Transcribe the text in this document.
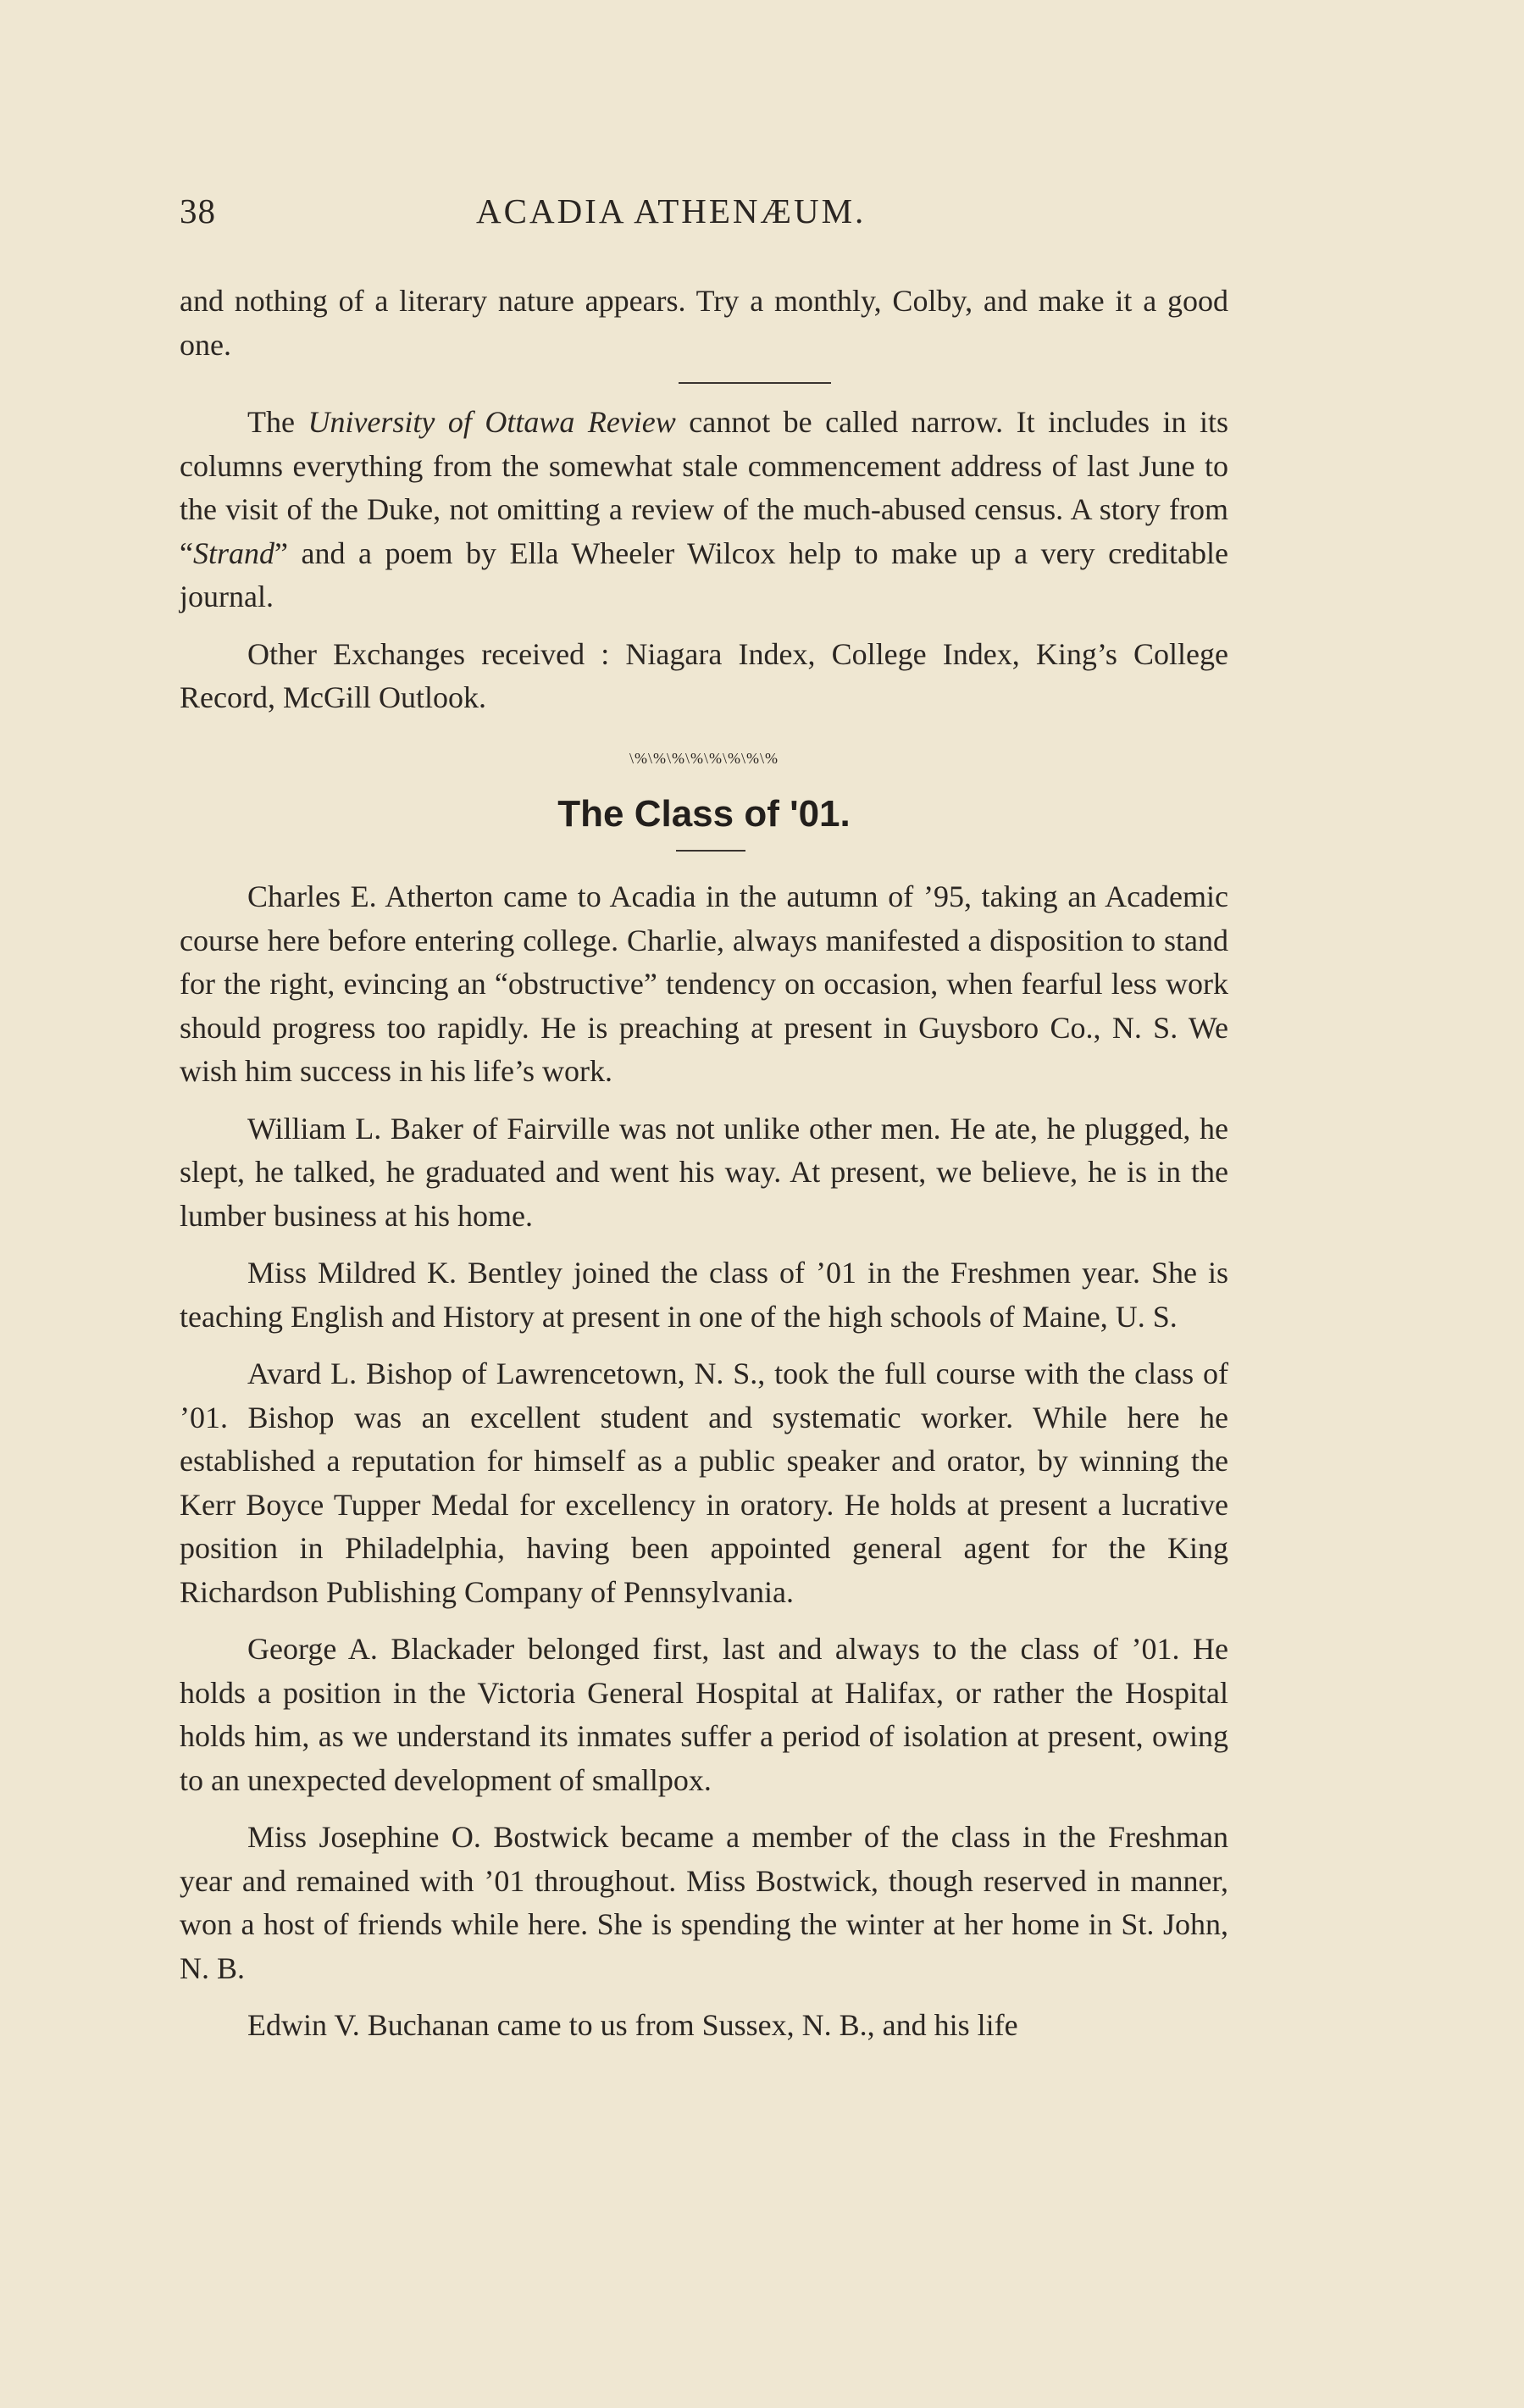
38	ACADIA ATHENÆUM.

and nothing of a literary nature appears. Try a monthly, Colby, and make it a good one.

The University of Ottawa Review cannot be called narrow. It includes in its columns everything from the somewhat stale commencement address of last June to the visit of the Duke, not omitting a review of the much-abused census. A story from “Strand” and a poem by Ella Wheeler Wilcox help to make up a very creditable journal.

Other Exchanges received : Niagara Index, College Index, King’s College Record, McGill Outlook.

\%\%\%\%\%\%\%\%
The Class of '01.

Charles E. Atherton came to Acadia in the autumn of ’95, taking an Academic course here before entering college. Charlie, always manifested a disposition to stand for the right, evincing an “obstructive” tendency on occasion, when fearful less work should progress too rapidly. He is preaching at present in Guysboro Co., N. S. We wish him success in his life’s work.

William L. Baker of Fairville was not unlike other men. He ate, he plugged, he slept, he talked, he graduated and went his way. At present, we believe, he is in the lumber business at his home.

Miss Mildred K. Bentley joined the class of ’01 in the Freshmen year. She is teaching English and History at present in one of the high schools of Maine, U. S.

Avard L. Bishop of Lawrencetown, N. S., took the full course with the class of ’01. Bishop was an excellent student and systematic worker. While here he established a reputation for himself as a public speaker and orator, by winning the Kerr Boyce Tupper Medal for excellency in oratory. He holds at present a lucrative position in Philadelphia, having been appointed general agent for the King Richardson Publishing Company of Pennsylvania.

George A. Blackader belonged first, last and always to the class of ’01. He holds a position in the Victoria General Hospital at Halifax, or rather the Hospital holds him, as we understand its inmates suffer a period of isolation at present, owing to an unexpected development of smallpox.

Miss Josephine O. Bostwick became a member of the class in the Freshman year and remained with ’01 throughout. Miss Bostwick, though reserved in manner, won a host of friends while here. She is spending the winter at her home in St. John, N. B.

Edwin V. Buchanan came to us from Sussex, N. B., and his life
